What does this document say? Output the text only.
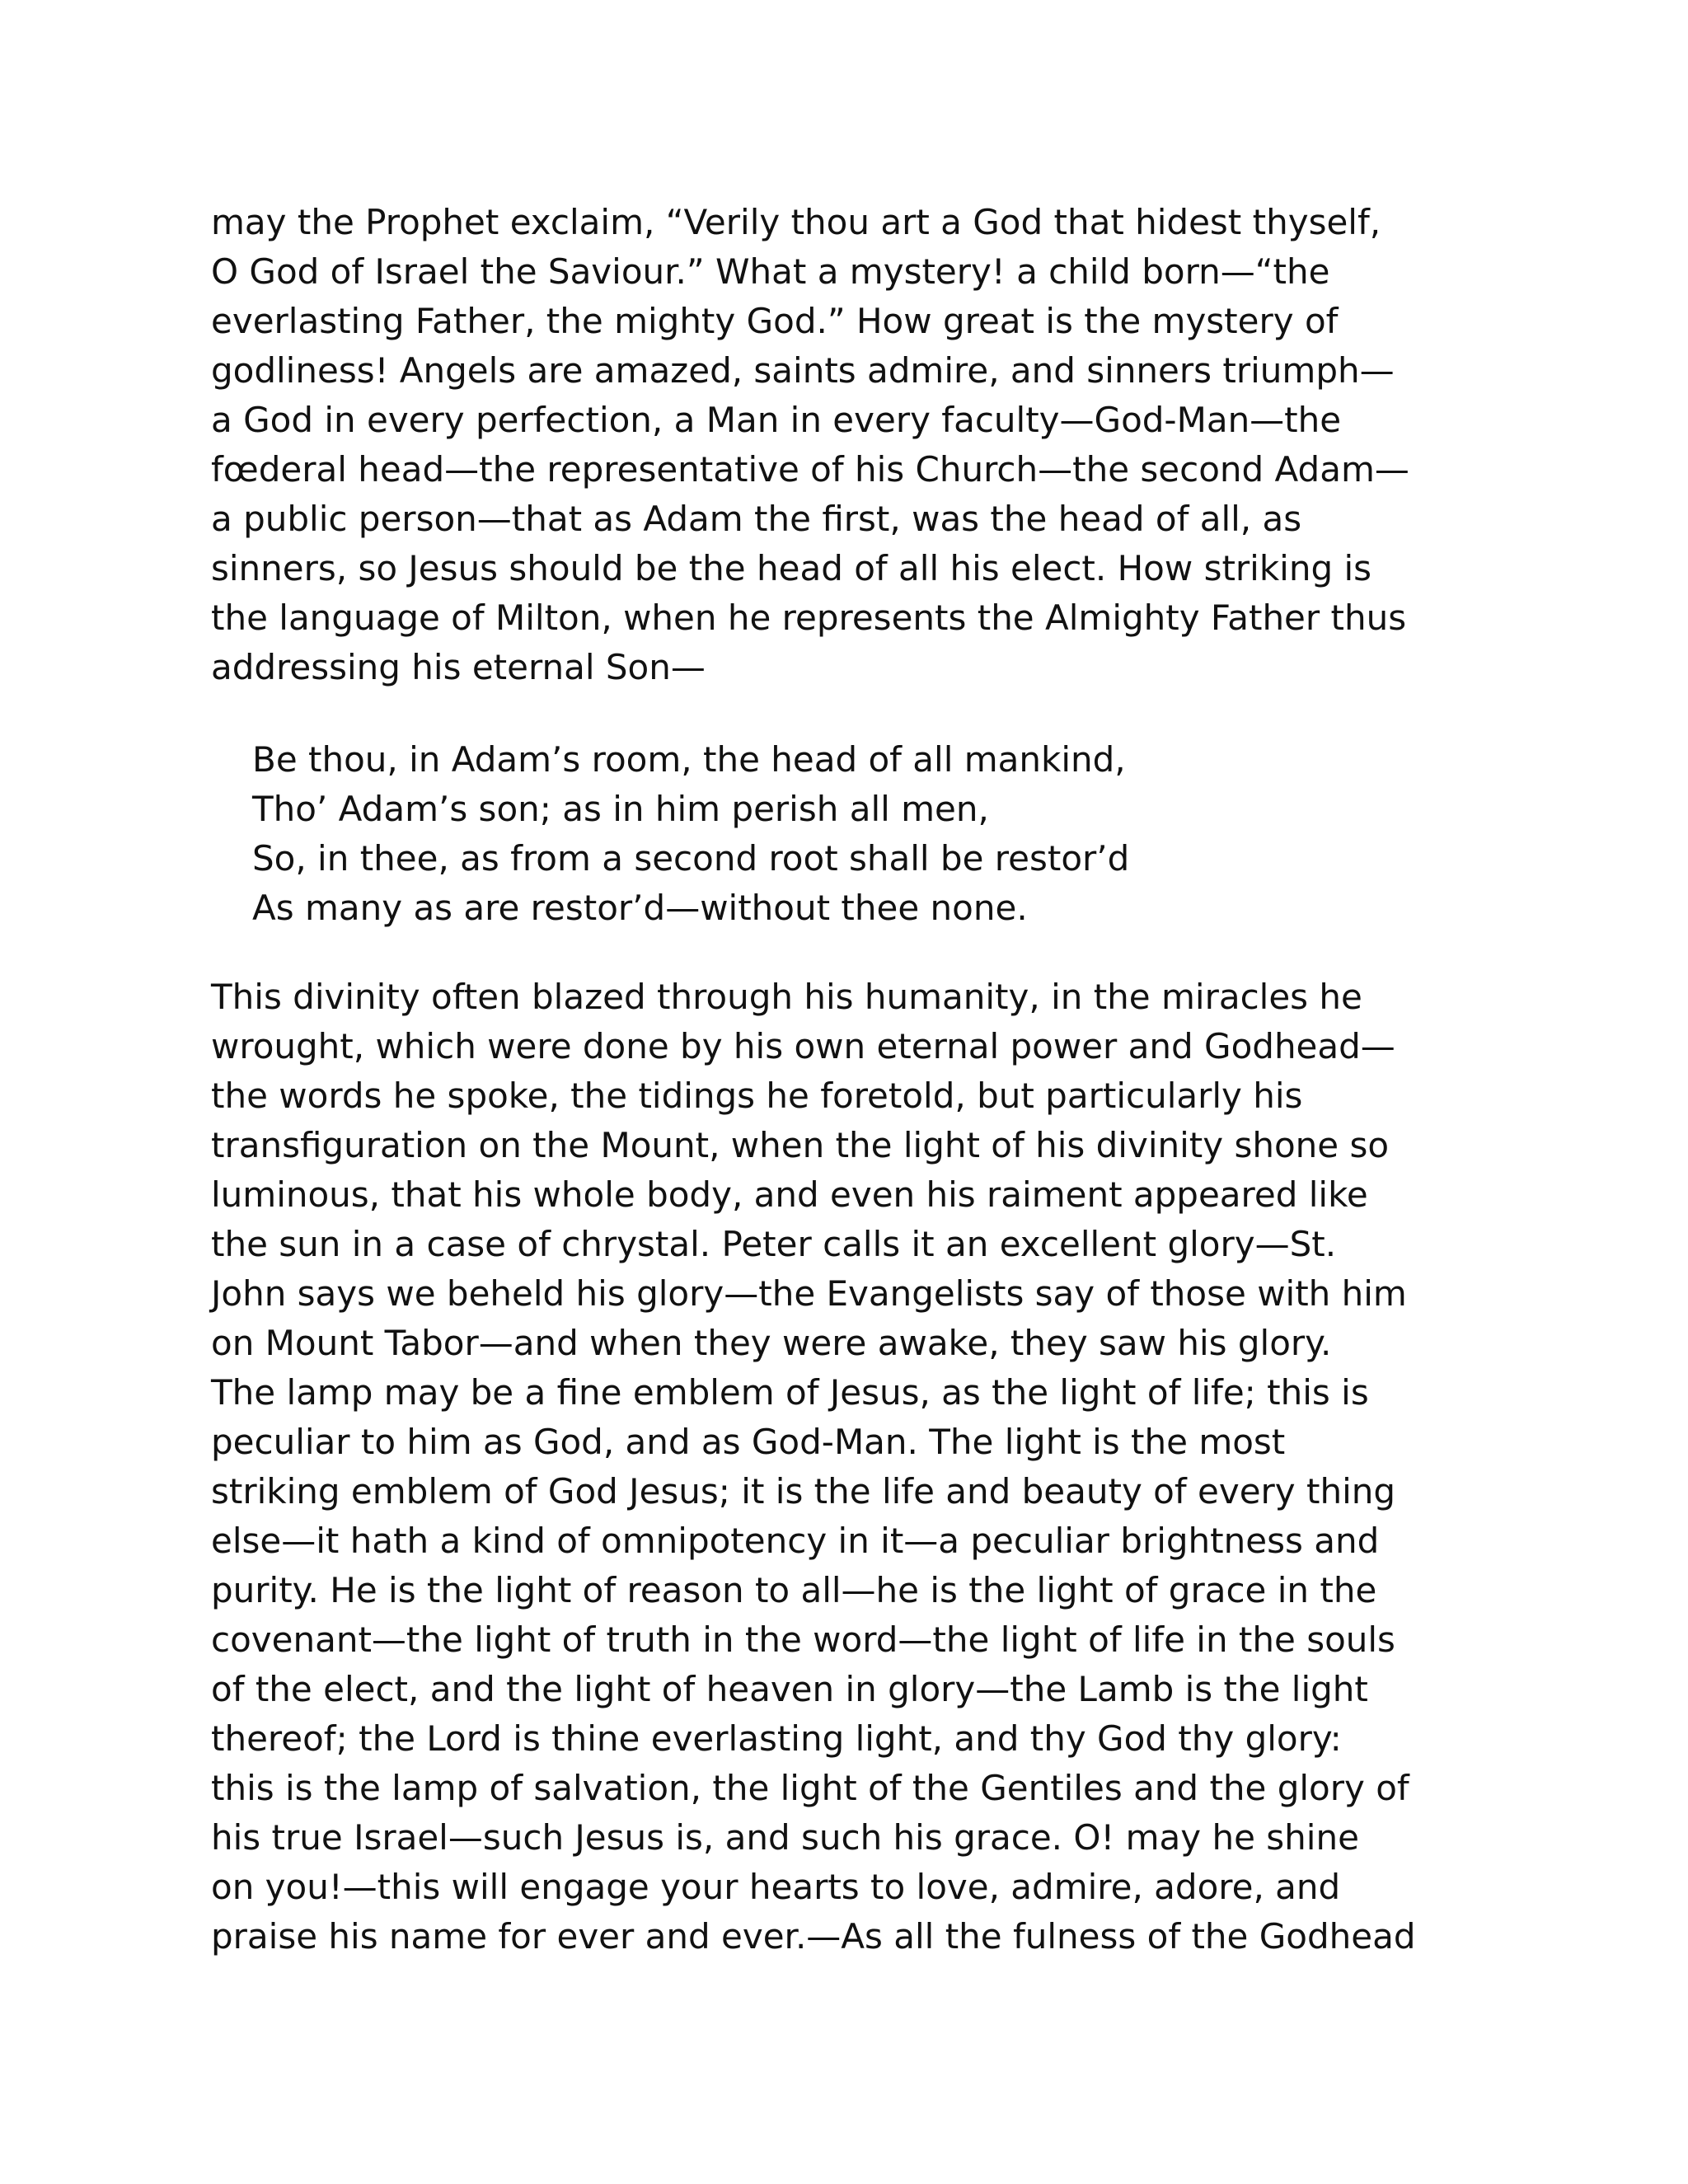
may the Prophet exclaim, “Verily thou art a God that hidest thyself,
O God of Israel the Saviour.” What a mystery! a child born—“the
everlasting Father, the mighty God.” How great is the mystery of
godliness! Angels are amazed, saints admire, and sinners triumph—
a God in every perfection, a Man in every faculty—God-Man—the
fœderal head—the representative of his Church—the second Adam—
a public person—that as Adam the first, was the head of all, as
sinners, so Jesus should be the head of all his elect. How striking is
the language of Milton, when he represents the Almighty Father thus
addressing his eternal Son—
Be thou, in Adam’s room, the head of all mankind,
Tho’ Adam’s son; as in him perish all men,
So, in thee, as from a second root shall be restor’d
As many as are restor’d—without thee none.
This divinity often blazed through his humanity, in the miracles he
wrought, which were done by his own eternal power and Godhead—
the words he spoke, the tidings he foretold, but particularly his
transfiguration on the Mount, when the light of his divinity shone so
luminous, that his whole body, and even his raiment appeared like
the sun in a case of chrystal. Peter calls it an excellent glory—St.
John says we beheld his glory—the Evangelists say of those with him
on Mount Tabor—and when they were awake, they saw his glory.
The lamp may be a fine emblem of Jesus, as the light of life; this is
peculiar to him as God, and as God-Man. The light is the most
striking emblem of God Jesus; it is the life and beauty of every thing
else—it hath a kind of omnipotency in it—a peculiar brightness and
purity. He is the light of reason to all—he is the light of grace in the
covenant—the light of truth in the word—the light of life in the souls
of the elect, and the light of heaven in glory—the Lamb is the light
thereof; the Lord is thine everlasting light, and thy God thy glory:
this is the lamp of salvation, the light of the Gentiles and the glory of
his true Israel—such Jesus is, and such his grace. O! may he shine
on you!—this will engage your hearts to love, admire, adore, and
praise his name for ever and ever.—As all the fulness of the Godhead
